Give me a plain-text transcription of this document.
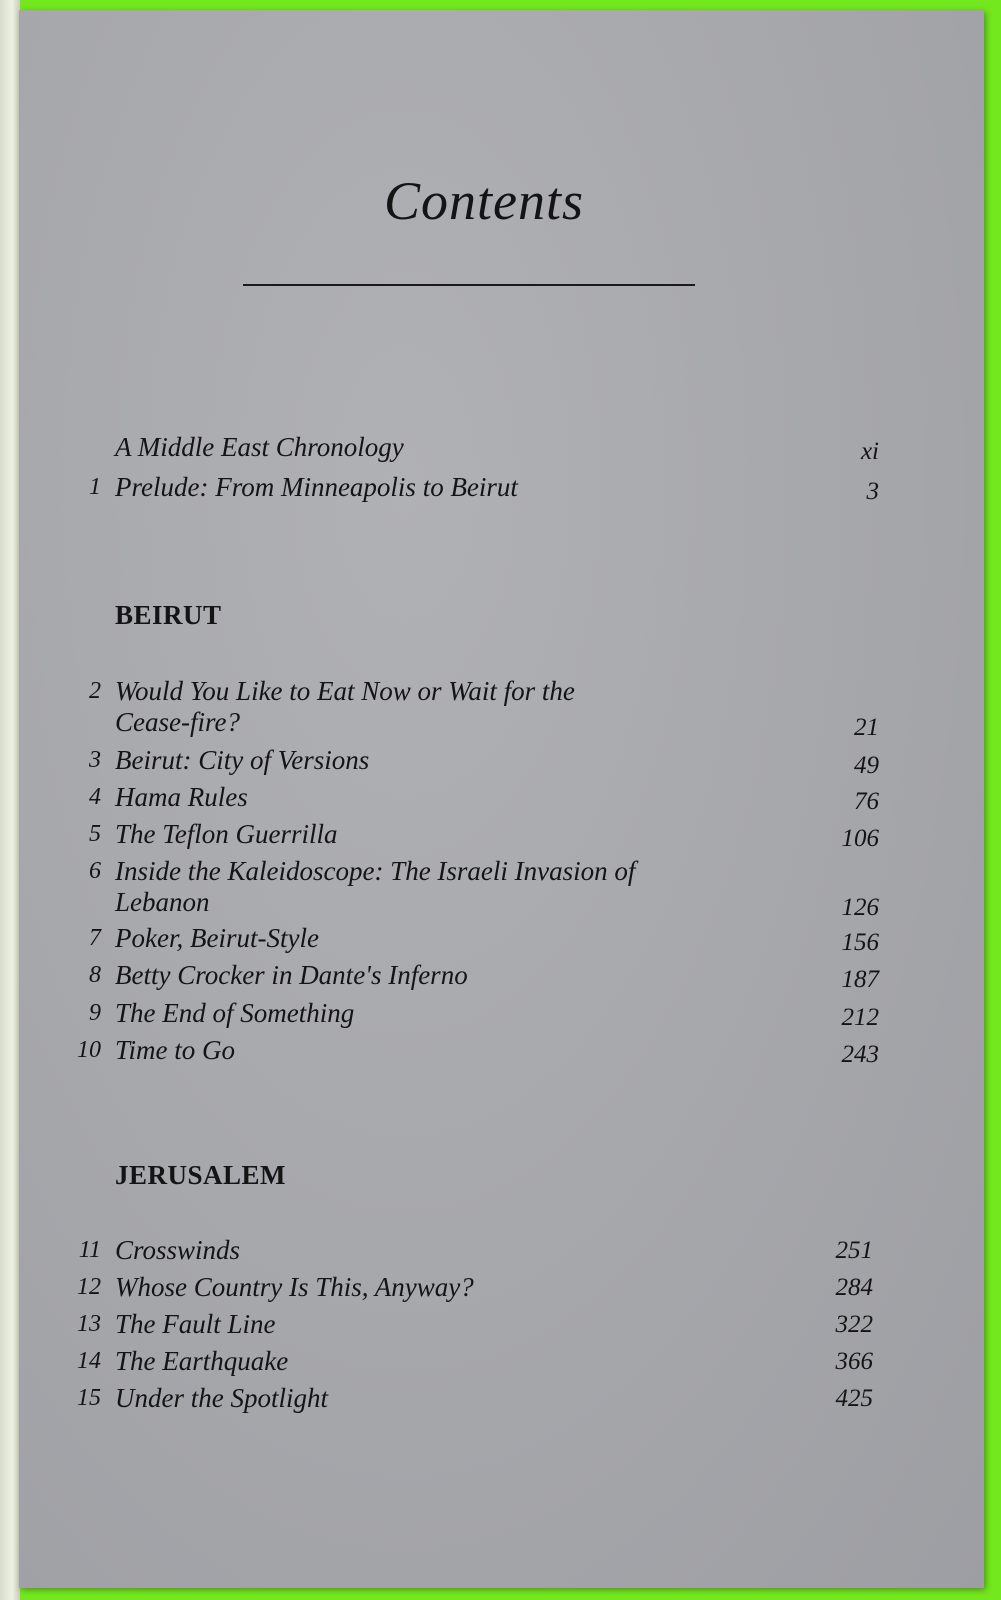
Contents
A Middle East Chronology	xi
1 Prelude: From Minneapolis to Beirut	3
BEIRUT
2 Would You Like to Eat Now or Wait for the Cease-fire?	21
3 Beirut: City of Versions	49
4 Hama Rules	76
5 The Teflon Guerrilla	106
6 Inside the Kaleidoscope: The Israeli Invasion of Lebanon	126
7 Poker, Beirut-Style	156
8 Betty Crocker in Dante's Inferno	187
9 The End of Something	212
10 Time to Go	243
JERUSALEM
11 Crosswinds	251
12 Whose Country Is This, Anyway?	284
13 The Fault Line	322
14 The Earthquake	366
15 Under the Spotlight	425
